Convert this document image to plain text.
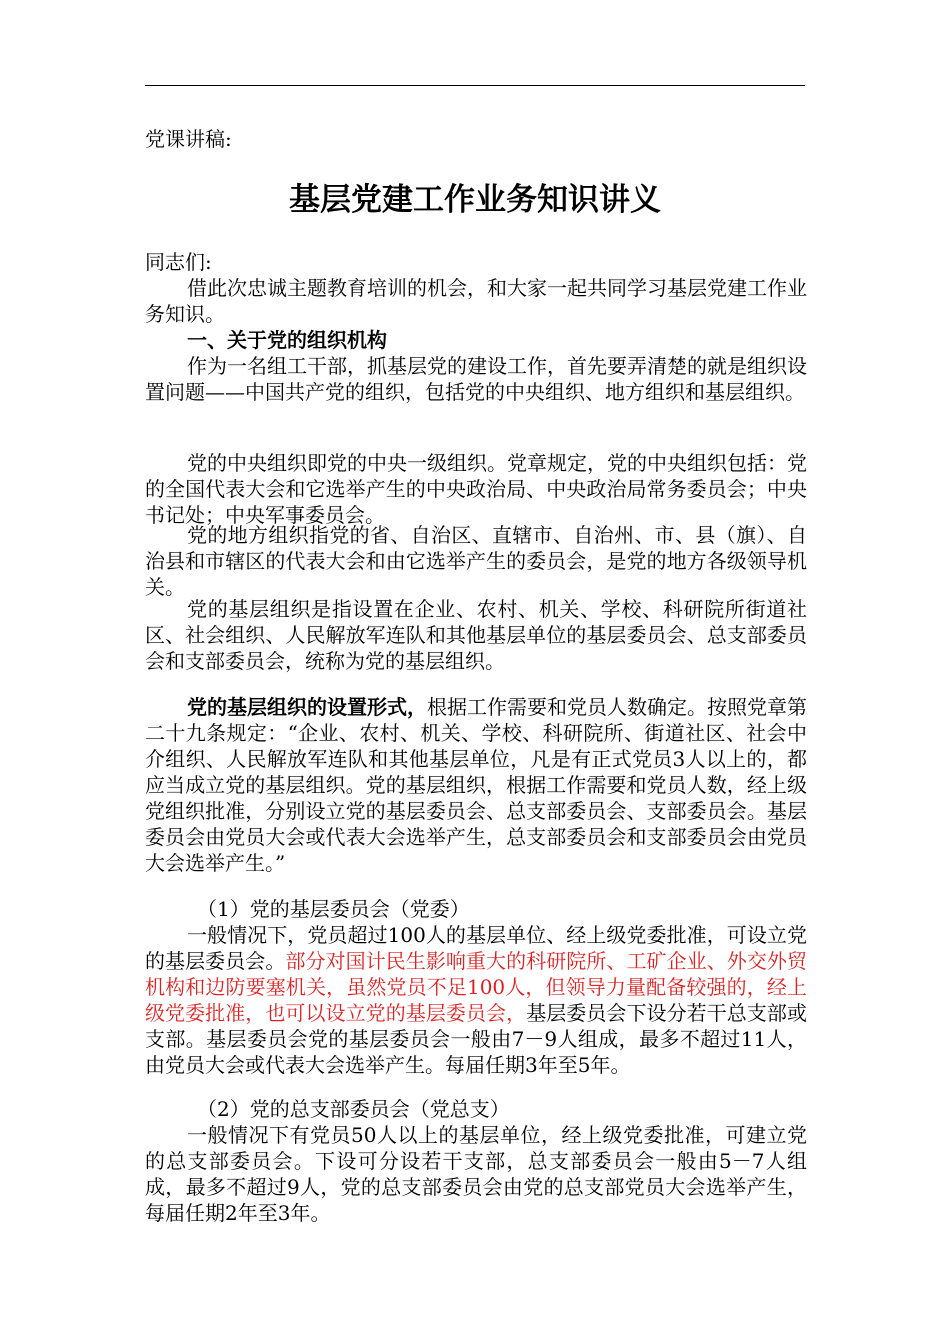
党课讲稿:

基层党建工作业务知识讲义

同志们:

借此次忠诚主题教育培训的机会，和大家一起共同学习基层党建工作业务知识。

一、关于党的组织机构

作为一名组工干部，抓基层党的建设工作，首先要弄清楚的就是组织设置问题——中国共产党的组织，包括党的中央组织、地方组织和基层组织。

党的中央组织即党的中央一级组织。党章规定，党的中央组织包括：党的全国代表大会和它选举产生的中央政治局、中央政治局常务委员会；中央书记处；中央军事委员会。

党的地方组织指党的省、自治区、直辖市、自治州、市、县（旗）、自治县和市辖区的代表大会和由它选举产生的委员会，是党的地方各级领导机关。

党的基层组织是指设置在企业、农村、机关、学校、科研院所街道社区、社会组织、人民解放军连队和其他基层单位的基层委员会、总支部委员会和支部委员会，统称为党的基层组织。

党的基层组织的设置形式，根据工作需要和党员人数确定。按照党章第二十九条规定：“企业、农村、机关、学校、科研院所、街道社区、社会中介组织、人民解放军连队和其他基层单位，凡是有正式党员3人以上的，都应当成立党的基层组织。党的基层组织，根据工作需要和党员人数，经上级党组织批准，分别设立党的基层委员会、总支部委员会、支部委员会。基层委员会由党员大会或代表大会选举产生，总支部委员会和支部委员会由党员大会选举产生。”

（1）党的基层委员会（党委）

一般情况下，党员超过100人的基层单位、经上级党委批准，可设立党的基层委员会。部分对国计民生影响重大的科研院所、工矿企业、外交外贸机构和边防要塞机关，虽然党员不足100人，但领导力量配备较强的，经上级党委批准，也可以设立党的基层委员会，基层委员会下设分若干总支部或支部。基层委员会党的基层委员会一般由7－9人组成，最多不超过11人，由党员大会或代表大会选举产生。每届任期3年至5年。

（2）党的总支部委员会（党总支）

一般情况下有党员50人以上的基层单位，经上级党委批准，可建立党的总支部委员会。下设可分设若干支部，总支部委员会一般由5－7人组成，最多不超过9人，党的总支部委员会由党的总支部党员大会选举产生，每届任期2年至3年。
